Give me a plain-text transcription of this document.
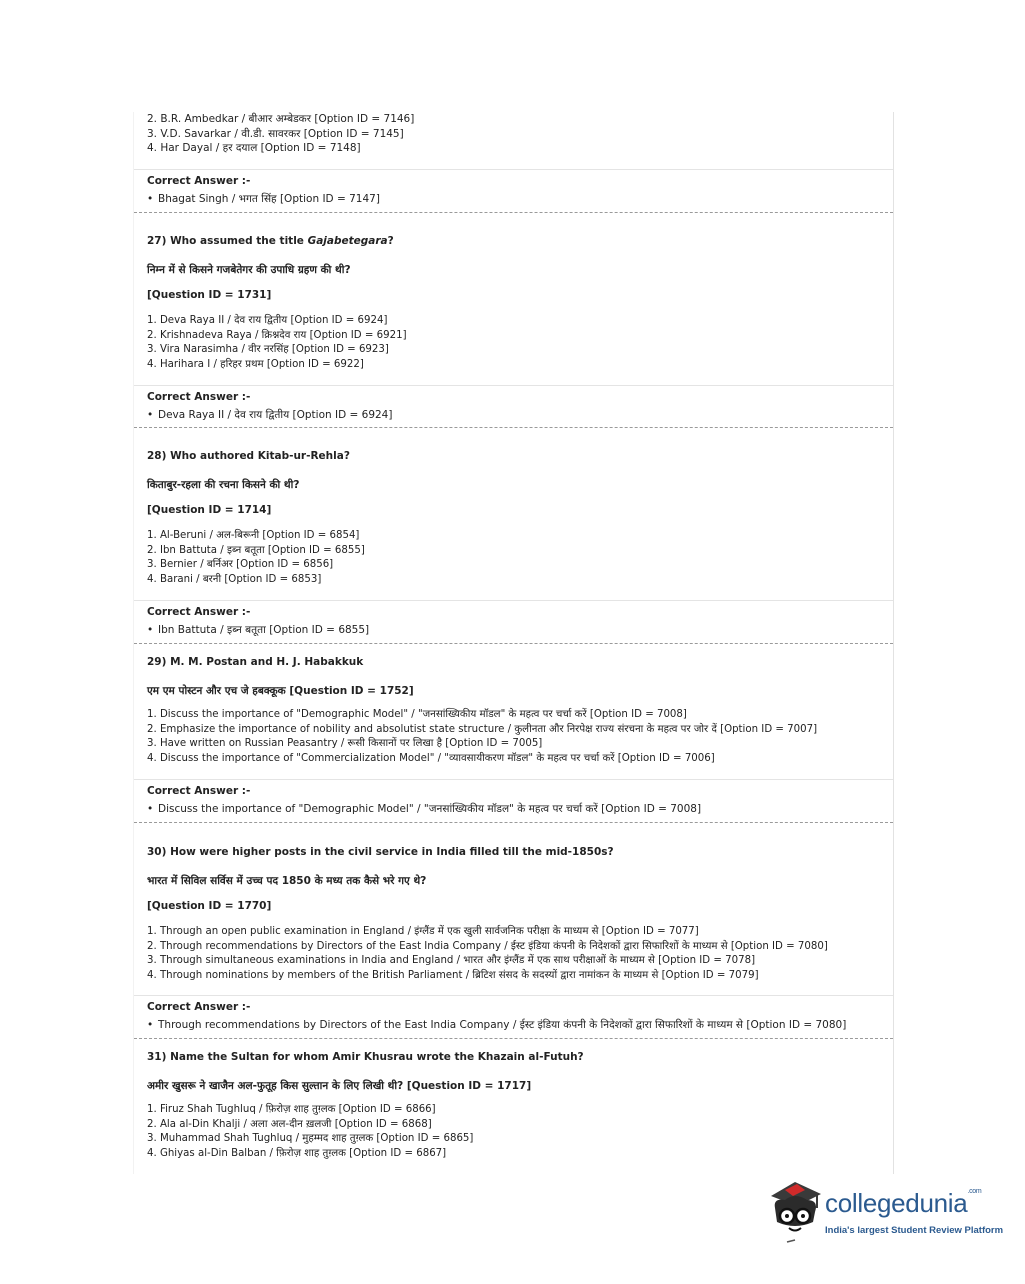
2. B.R. Ambedkar / बीआर अम्बेडकर [Option ID = 7146]
3. V.D. Savarkar / वी.डी. सावरकर [Option ID = 7145]
4. Har Dayal / हर दयाल [Option ID = 7148]
Correct Answer :-
• Bhagat Singh / भगत सिंह [Option ID = 7147]
27) Who assumed the title Gajabetegara?
निम्न में से किसने गजबेतेगर की उपाधि ग्रहण की थी?
[Question ID = 1731]
1. Deva Raya II / देव राय द्वितीय [Option ID = 6924]
2. Krishnadeva Raya / क्रिश्नदेव राय [Option ID = 6921]
3. Vira Narasimha / वीर नरसिंह [Option ID = 6923]
4. Harihara I / हरिहर प्रथम [Option ID = 6922]
Correct Answer :-
• Deva Raya II / देव राय द्वितीय [Option ID = 6924]
28) Who authored Kitab-ur-Rehla?
किताबुर-रहला की रचना किसने की थी?
[Question ID = 1714]
1. Al-Beruni / अल-बिरूनी [Option ID = 6854]
2. Ibn Battuta / इब्न बतूता [Option ID = 6855]
3. Bernier / बर्निअर [Option ID = 6856]
4. Barani / बरनी [Option ID = 6853]
Correct Answer :-
• Ibn Battuta / इब्न बतूता [Option ID = 6855]
29) M. M. Postan and H. J. Habakkuk
एम एम पोस्टन और एच जे हबक्कूक [Question ID = 1752]
1. Discuss the importance of "Demographic Model" / "जनसांख्यिकीय मॉडल" के महत्व पर चर्चा करें [Option ID = 7008]
2. Emphasize the importance of nobility and absolutist state structure / कुलीनता और निरपेक्ष राज्य संरचना के महत्व पर जोर दें [Option ID = 7007]
3. Have written on Russian Peasantry / रूसी किसानों पर लिखा है [Option ID = 7005]
4. Discuss the importance of "Commercialization Model" / "व्यावसायीकरण मॉडल" के महत्व पर चर्चा करें [Option ID = 7006]
Correct Answer :-
• Discuss the importance of "Demographic Model" / "जनसांख्यिकीय मॉडल" के महत्व पर चर्चा करें [Option ID = 7008]
30) How were higher posts in the civil service in India filled till the mid-1850s?
भारत में सिविल सर्विस में उच्च पद 1850 के मध्य तक कैसे भरे गए थे?
[Question ID = 1770]
1. Through an open public examination in England / इंग्लैंड में एक खुली सार्वजनिक परीक्षा के माध्यम से [Option ID = 7077]
2. Through recommendations by Directors of the East India Company / ईस्ट इंडिया कंपनी के निदेशकों द्वारा सिफारिशों के माध्यम से [Option ID = 7080]
3. Through simultaneous examinations in India and England / भारत और इंग्लैंड में एक साथ परीक्षाओं के माध्यम से [Option ID = 7078]
4. Through nominations by members of the British Parliament / ब्रिटिश संसद के सदस्यों द्वारा नामांकन के माध्यम से [Option ID = 7079]
Correct Answer :-
• Through recommendations by Directors of the East India Company / ईस्ट इंडिया कंपनी के निदेशकों द्वारा सिफारिशों के माध्यम से [Option ID = 7080]
31) Name the Sultan for whom Amir Khusrau wrote the Khazain al-Futuh?
अमीर खुसरू ने खाजैन अल-फुतूह किस सुल्तान के लिए लिखी थी? [Question ID = 1717]
1. Firuz Shah Tughluq / फ़िरोज़ शाह तुग़्लक [Option ID = 6866]
2. Ala al-Din Khalji / अला अल-दीन ख़लजी [Option ID = 6868]
3. Muhammad Shah Tughluq / मुहम्मद शाह तुग़्लक [Option ID = 6865]
4. Ghiyas al-Din Balban / फ़िरोज़ शाह तुग़्लक [Option ID = 6867]
collegedunia$^{.com}$
India's largest Student Review Platform
